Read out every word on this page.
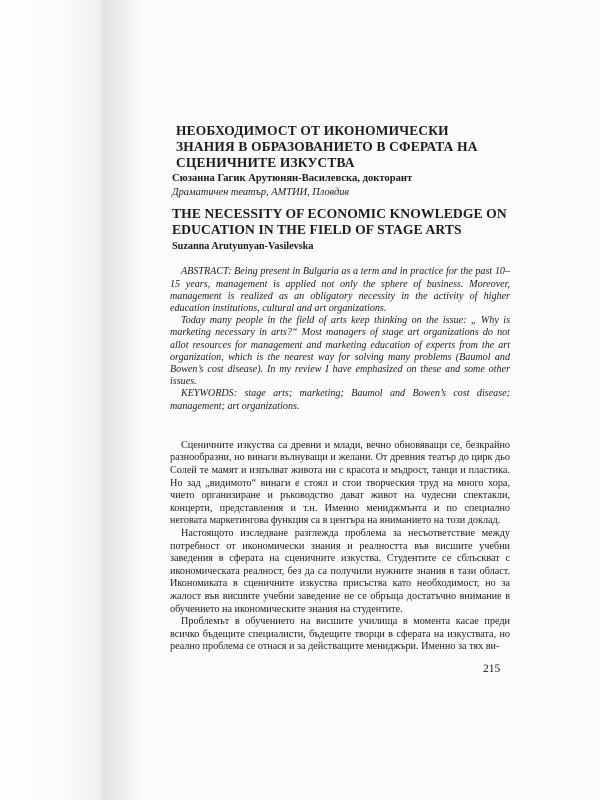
НЕОБХОДИМОСТ ОТ ИКОНОМИЧЕСКИ ЗНАНИЯ В ОБРАЗОВАНИЕТО В СФЕРАТА НА СЦЕНИЧНИТЕ ИЗКУСТВА
Сюзанна Гагик Арутюнян-Василевска, докторант
Драматичен театър, АМТИИ, Пловдив
THE NECESSITY OF ECONOMIC KNOWLEDGE ON EDUCATION IN THE FIELD OF STAGE ARTS
Suzanna Arutyunyan-Vasilevska

ABSTRACT: Being present in Bulgaria as a term and in practice for the past 10–15 years, management is applied not only the sphere of business. Moreover, management is realized as an obligatory necessity in the activity of higher education institutions, cultural and art organizations.

Today many people in the field of arts keep thinking on the issue: „ Why is marketing necessary in arts?“ Most managers of stage art organizations do not allot resources for management and marketing education of experts from the art organization, which is the nearest way for solving many problems (Baumol and Bowen’s cost disease). In my review I have emphasized on these and some other issues.

KEYWORDS: stage arts; marketing; Baumol and Bowen’s cost disease; management; art organizations.

Сценичните изкуства са древни и млади, вечно обновяващи се, безкрайно разнообразни, но винаги вълнуващи и желани. От древния театър до цирк дьо Солей те мамят и изпълват живота ни с красота и мъдрост, танци и пластика. Но зад „видимото“ винаги е стоял и стои творческия труд на много хора, чието организиране и ръководство дават живот на чудесни спектакли, концерти, представления и т.н. Именно мениджмънта и по специално неговата маркетингова функция са в центъра на вниманието на този доклад.

Настоящото изследване разглежда проблема за несъответствие между потребност от икономически знания и реалността във висшите учебни заведения в сферата на сценичните изкуства. Студентите се сблъскват с икономическата реалност, без да са получили нужните знания в тази област. Икономиката в сценичните изкуства присъства като необходимост, но за жалост във висшите учебни заведение не се обръща достатъчно внимание в обучението на икономическите знания на студентите.

Проблемът в обучението на висшите училища в момента касае преди всичко бъдещите специалисти, бъдещите творци в сферата на изкуствата, но реално проблема се отнася и за действащите мениджъри. Именно за тях ви-

215
